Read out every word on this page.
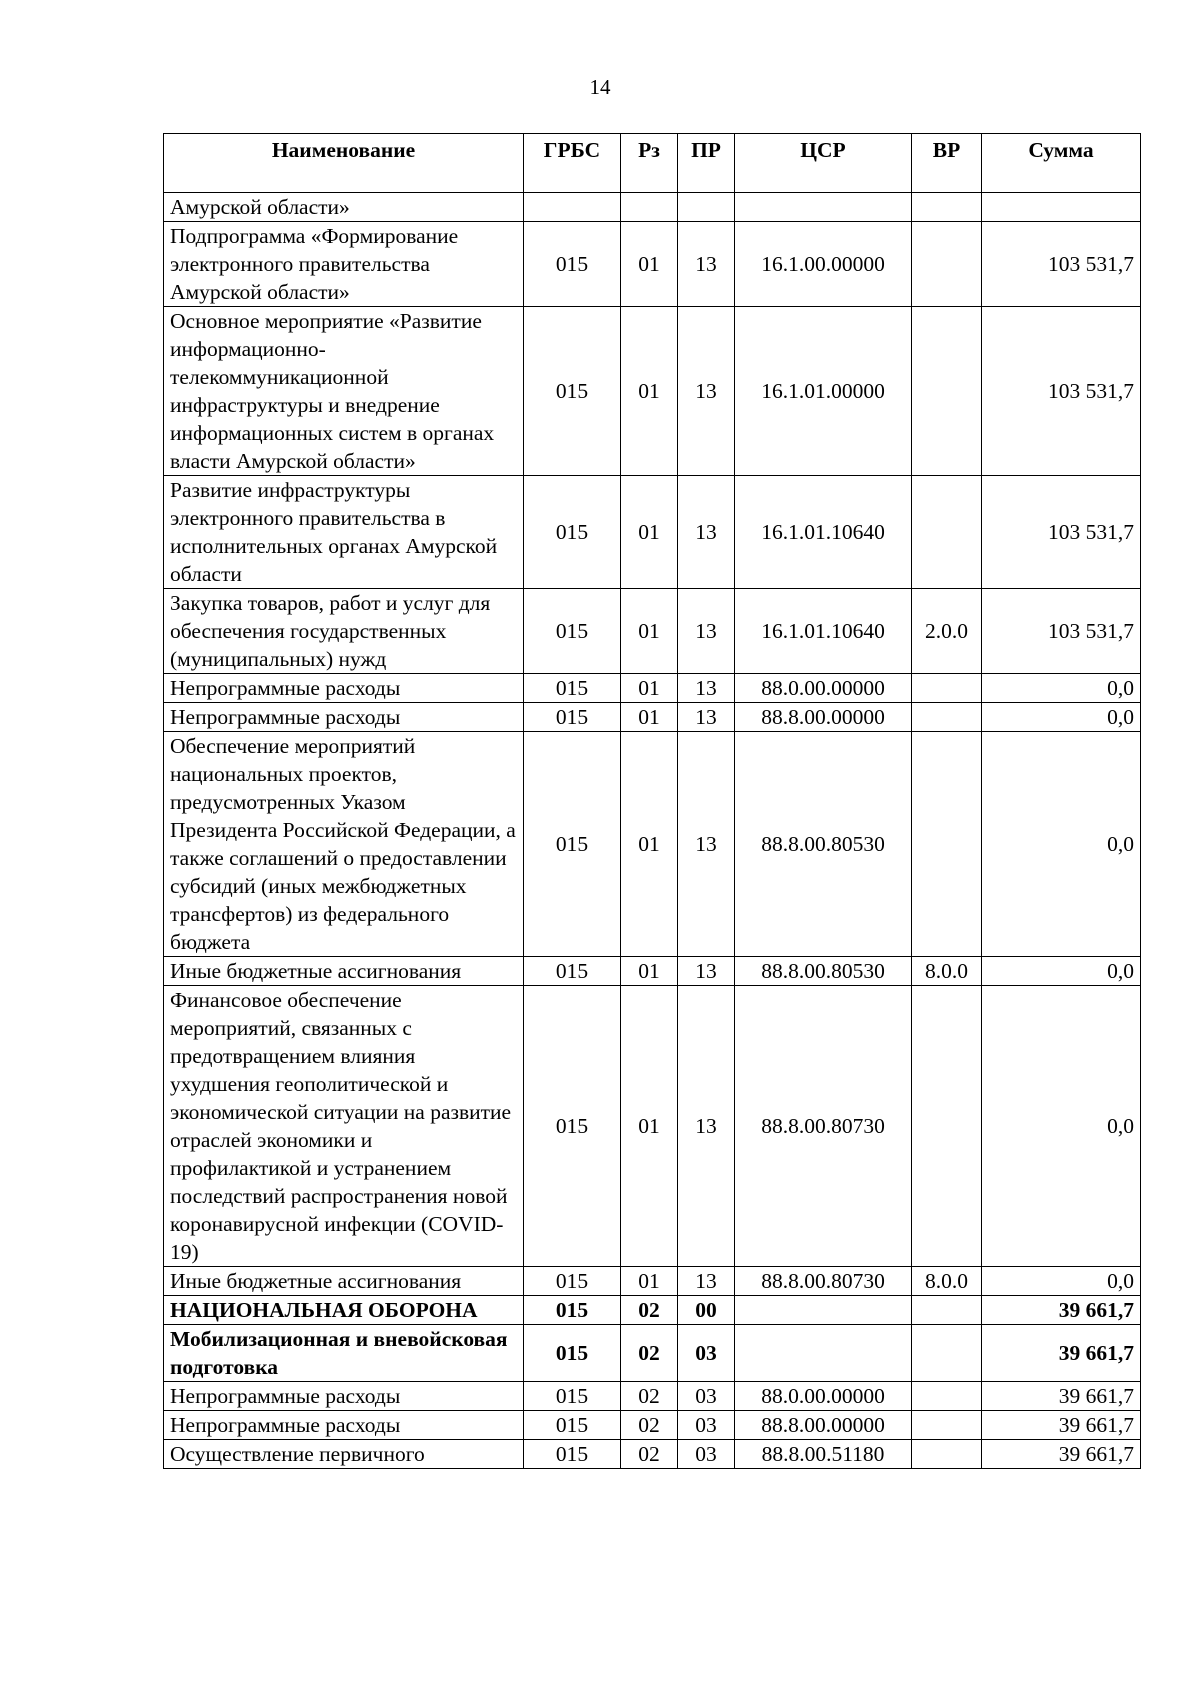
14
Наименование	ГРБС	Рз	ПР	ЦСР	ВР	Сумма
Амурской области»						
Подпрограмма «Формирование электронного правительства Амурской области»	015	01	13	16.1.00.00000		103 531,7
Основное мероприятие «Развитие информационно-телекоммуникационной инфраструктуры и внедрение информационных систем в органах власти Амурской области»	015	01	13	16.1.01.00000		103 531,7
Развитие инфраструктуры электронного правительства в исполнительных органах Амурской области	015	01	13	16.1.01.10640		103 531,7
Закупка товаров, работ и услуг для обеспечения государственных (муниципальных) нужд	015	01	13	16.1.01.10640	2.0.0	103 531,7
Непрограммные расходы	015	01	13	88.0.00.00000		0,0
Непрограммные расходы	015	01	13	88.8.00.00000		0,0
Обеспечение мероприятий национальных проектов, предусмотренных Указом Президента Российской Федерации, а также соглашений о предоставлении субсидий (иных межбюджетных трансфертов) из федерального бюджета	015	01	13	88.8.00.80530		0,0
Иные бюджетные ассигнования	015	01	13	88.8.00.80530	8.0.0	0,0
Финансовое обеспечение мероприятий, связанных с предотвращением влияния ухудшения геополитической и экономической ситуации на развитие отраслей экономики и профилактикой и устранением последствий распространения новой коронавирусной инфекции (COVID-19)	015	01	13	88.8.00.80730		0,0
Иные бюджетные ассигнования	015	01	13	88.8.00.80730	8.0.0	0,0
НАЦИОНАЛЬНАЯ ОБОРОНА	015	02	00			39 661,7
Мобилизационная и вневойсковая подготовка	015	02	03			39 661,7
Непрограммные расходы	015	02	03	88.0.00.00000		39 661,7
Непрограммные расходы	015	02	03	88.8.00.00000		39 661,7
Осуществление первичного	015	02	03	88.8.00.51180		39 661,7
